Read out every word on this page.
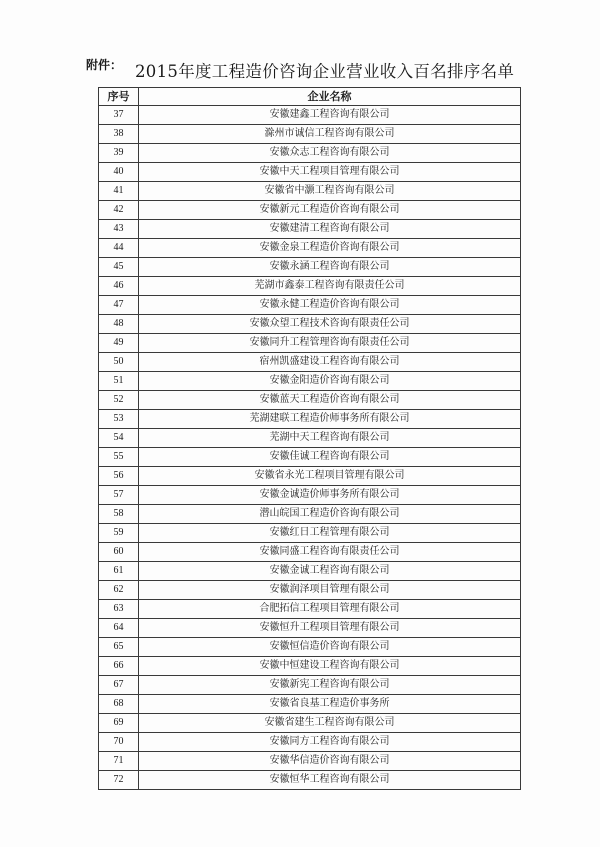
附件： 2015年度工程造价咨询企业营业收入百名排序名单
序号	企业名称
37	安徽建鑫工程咨询有限公司
38	滁州市诚信工程咨询有限公司
39	安徽众志工程咨询有限公司
40	安徽中天工程项目管理有限公司
41	安徽省中灏工程咨询有限公司
42	安徽新元工程造价咨询有限公司
43	安徽建清工程咨询有限公司
44	安徽金泉工程造价咨询有限公司
45	安徽永涵工程咨询有限公司
46	芜湖市鑫泰工程咨询有限责任公司
47	安徽永健工程造价咨询有限公司
48	安徽众望工程技术咨询有限责任公司
49	安徽同升工程管理咨询有限责任公司
50	宿州凯盛建设工程咨询有限公司
51	安徽金阳造价咨询有限公司
52	安徽蓝天工程造价咨询有限公司
53	芜湖建联工程造价师事务所有限公司
54	芜湖中天工程咨询有限公司
55	安徽佳诚工程咨询有限公司
56	安徽省永光工程项目管理有限公司
57	安徽金诚造价师事务所有限公司
58	潜山皖国工程造价咨询有限公司
59	安徽红日工程管理有限公司
60	安徽同盛工程咨询有限责任公司
61	安徽金诚工程咨询有限公司
62	安徽润泽项目管理有限公司
63	合肥拓信工程项目管理有限公司
64	安徽恒升工程项目管理有限公司
65	安徽恒信造价咨询有限公司
66	安徽中恒建设工程咨询有限公司
67	安徽新宪工程咨询有限公司
68	安徽省良基工程造价事务所
69	安徽省建生工程咨询有限公司
70	安徽同方工程咨询有限公司
71	安徽华信造价咨询有限公司
72	安徽恒华工程咨询有限公司
